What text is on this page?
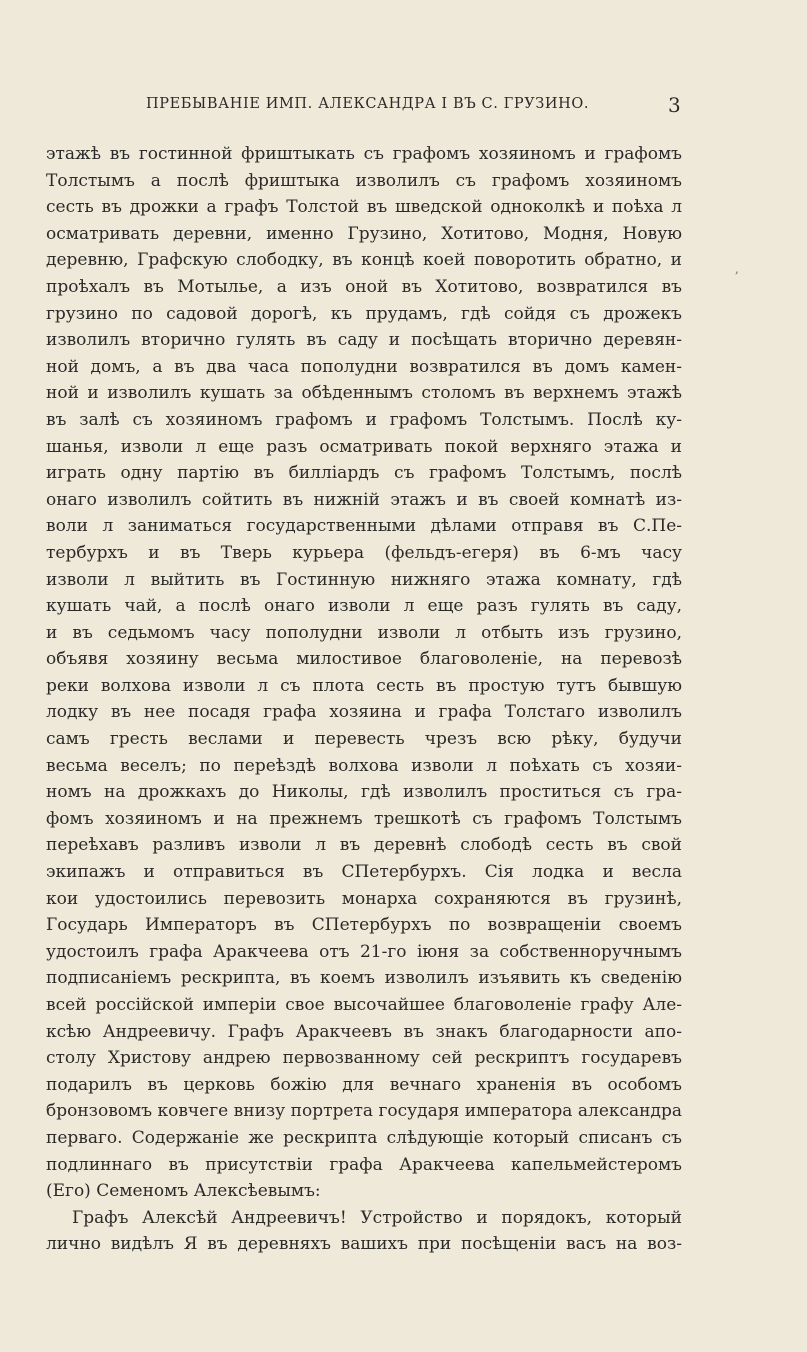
ПРЕБЫВАНІЕ ИМП. АЛЕКСАНДРА I ВЪ С. ГРУЗИНО.	3
,
этажѣ въ гостинной фриштыкать съ графомъ хозяиномъ и графомъ
Толстымъ а послѣ фриштыка изволилъ съ графомъ хозяиномъ
сесть въ дрожки а графъ Толстой въ шведской одноколкѣ и поѣха л
осматривать деревни, именно Грузино, Хотитово, Модня, Новую
деревню, Графскую слободку, въ концѣ коей поворотить обратно, и
проѣхалъ въ Мотылье, а изъ оной въ Хотитово, возвратился въ
грузино по садовой дорогѣ, къ прудамъ, гдѣ сойдя съ дрожекъ
изволилъ вторично гулять въ саду и посѣщать вторично деревян-
ной домъ, а въ два часа пополудни возвратился въ домъ камен-
ной и изволилъ кушать за обѣденнымъ столомъ въ верхнемъ этажѣ
въ залѣ съ хозяиномъ графомъ и графомъ Толстымъ. Послѣ ку-
шанья, изволи л еще разъ осматривать покой верхняго этажа и
играть одну партію въ билліардъ съ графомъ Толстымъ, послѣ
онаго изволилъ сойтить въ нижній этажъ и въ своей комнатѣ из-
воли л заниматься государственными дѣлами отправя въ С.Пе-
тербурхъ и въ Тверь курьера (фельдъ-егеря) въ 6-мъ часу
изволи л выйтить въ Гостинную нижняго этажа комнату, гдѣ
кушать чай, а послѣ онаго изволи л еще разъ гулять въ саду,
и въ седьмомъ часу пополудни изволи л отбыть изъ грузино,
объявя хозяину весьма милостивое благоволеніе, на перевозѣ
реки волхова изволи л съ плота сесть въ простую тутъ бывшую
лодку въ нее посадя графа хозяина и графа Толстаго изволилъ
самъ гресть веслами и перевесть чрезъ всю рѣку, будучи
весьма веселъ; по переѣздѣ волхова изволи л поѣхать съ хозяи-
номъ на дрожкахъ до Николы, гдѣ изволилъ проститься съ гра-
фомъ хозяиномъ и на прежнемъ трешкотѣ съ графомъ Толстымъ
переѣхавъ разливъ изволи л въ деревнѣ слободѣ сесть въ свой
экипажъ и отправиться въ СПетербурхъ. Сія лодка и весла
кои удостоились перевозить монарха сохраняются въ грузинѣ,
Государь Императоръ въ СПетербурхъ по возвращеніи своемъ
удостоилъ графа Аракчеева отъ 21-го іюня за собственноручнымъ
подписаніемъ рескрипта, въ коемъ изволилъ изъявить къ сведенію
всей россійской имперіи свое высочайшее благоволеніе графу Але-
ксѣю Андреевичу. Графъ Аракчеевъ въ знакъ благодарности апо-
столу Христову андрею первозванному сей рескриптъ государевъ
подарилъ въ церковь божію для вечнаго храненія въ особомъ
бронзовомъ ковчеге внизу портрета государя императора александра
перваго. Содержаніе же рескрипта слѣдующіе который списанъ съ
подлиннаго въ присутствіи графа Аракчеева капельмейстеромъ
(Его) Семеномъ Алексѣевымъ:
Графъ Алексѣй Андреевичъ! Устройство и порядокъ, который
лично видѣлъ Я въ деревняхъ вашихъ при посѣщеніи васъ на воз-
